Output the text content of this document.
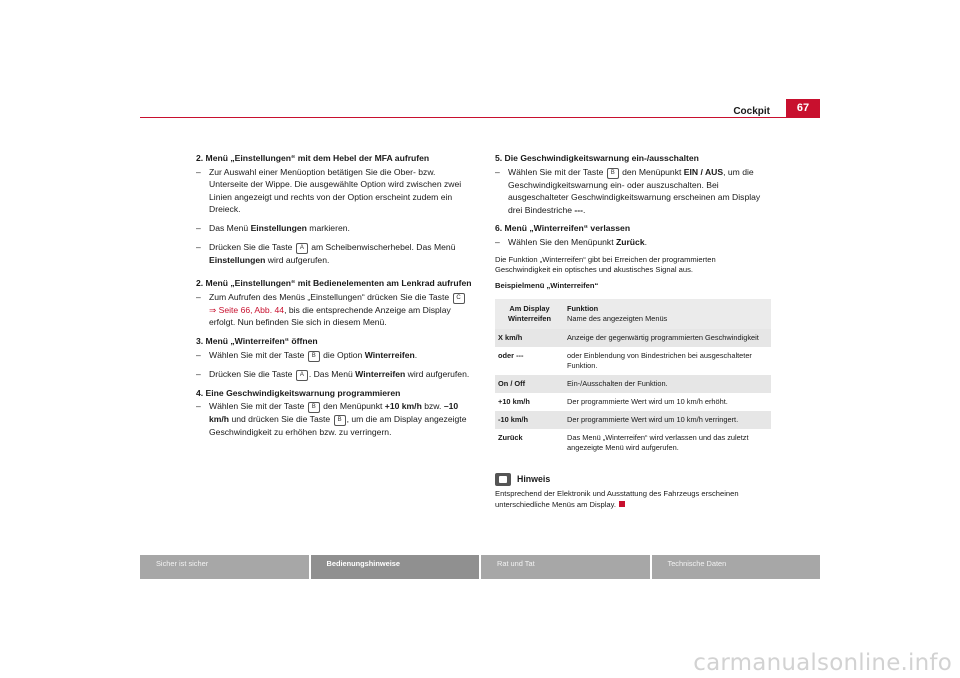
Cockpit	67

2. Menü „Einstellungen“ mit dem Hebel der MFA aufrufen

– Zur Auswahl einer Menüoption betätigen Sie die Ober- bzw. Unterseite der Wippe. Die ausgewählte Option wird zwischen zwei Linien angezeigt und rechts von der Option erscheint zudem ein Dreieck.
– Das Menü Einstellungen markieren.
– Drücken Sie die Taste A am Scheibenwischerhebel. Das Menü Einstellungen wird aufgerufen.

2. Menü „Einstellungen“ mit Bedienelementen am Lenkrad aufrufen

– Zum Aufrufen des Menüs „Einstellungen“ drücken Sie die Taste C ⇒ Seite 66, Abb. 44, bis die entsprechende Anzeige am Display erfolgt. Nun befinden Sie sich in diesem Menü.

3. Menü „Winterreifen“ öffnen

– Wählen Sie mit der Taste B die Option Winterreifen.
– Drücken Sie die Taste A . Das Menü Winterreifen wird aufgerufen.

4. Eine Geschwindigkeitswarnung programmieren

– Wählen Sie mit der Taste B den Menüpunkt +10 km/h bzw. –10 km/h und drücken Sie die Taste B , um die am Display angezeigte Geschwindigkeit zu erhöhen bzw. zu verringern.

5. Die Geschwindigkeitswarnung ein-/ausschalten

– Wählen Sie mit der Taste B den Menüpunkt EIN / AUS, um die Geschwindigkeitswarnung ein- oder auszuschalten. Bei ausgeschalteter Geschwindigkeitswarnung erscheinen am Display drei Bindestriche ---.

6. Menü „Winterreifen“ verlassen

– Wählen Sie den Menüpunkt Zurück.

Die Funktion „Winterreifen“ gibt bei Erreichen der programmierten Geschwindigkeit ein optisches und akustisches Signal aus.

Beispielmenü „Winterreifen“

Am Display
Winterreifen	Funktion
Name des angezeigten Menüs
X km/h	Anzeige der gegenwärtig programmierten Geschwindigkeit
oder ---	oder Einblendung von Bindestrichen bei ausgeschalteter Funktion.
On / Off	Ein-/Ausschalten der Funktion.
+10 km/h	Der programmierte Wert wird um 10 km/h erhöht.
-10 km/h	Der programmierte Wert wird um 10 km/h verringert.
Zurück	Das Menü „Winterreifen“ wird verlassen und das zuletzt angezeigte Menü wird aufgerufen.
Hinweis
Entsprechend der Elektronik und Ausstattung des Fahrzeugs erscheinen unterschiedliche Menüs am Display.
Sicher ist sicher	Bedienungshinweise	Rat und Tat	Technische Daten
carmanualsonline.info
